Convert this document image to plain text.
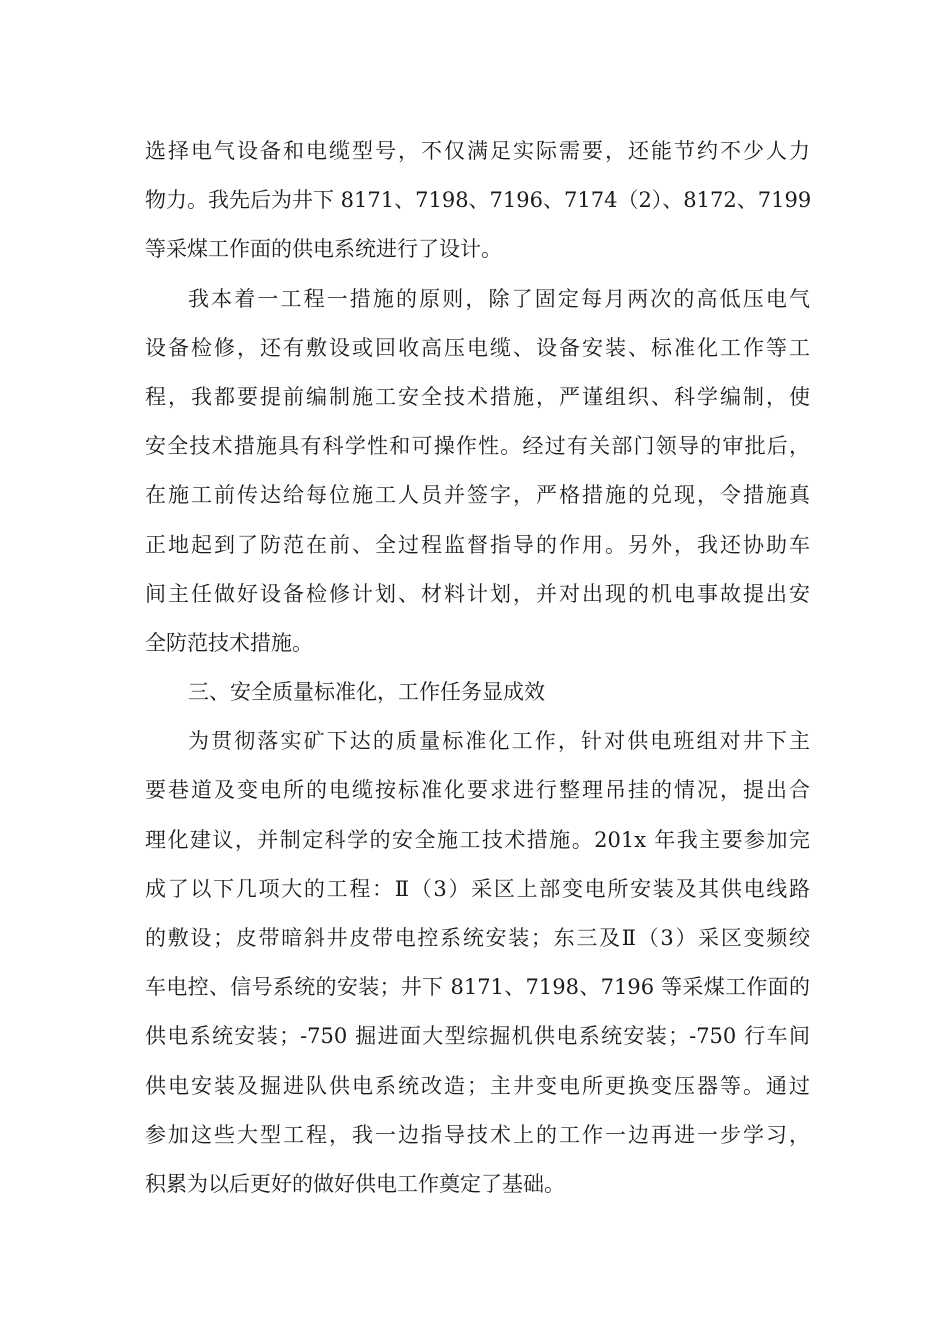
选择电气设备和电缆型号，不仅满足实际需要，还能节约不少人力
物力。我先后为井下 8171、7198、7196、7174（2）、8172、7199
等采煤工作面的供电系统进行了设计。
我本着一工程一措施的原则，除了固定每月两次的高低压电气
设备检修，还有敷设或回收高压电缆、设备安装、标准化工作等工
程，我都要提前编制施工安全技术措施，严谨组织、科学编制，使
安全技术措施具有科学性和可操作性。经过有关部门领导的审批后，
在施工前传达给每位施工人员并签字，严格措施的兑现，令措施真
正地起到了防范在前、全过程监督指导的作用。另外，我还协助车
间主任做好设备检修计划、材料计划，并对出现的机电事故提出安
全防范技术措施。
三、安全质量标准化，工作任务显成效
为贯彻落实矿下达的质量标准化工作，针对供电班组对井下主
要巷道及变电所的电缆按标准化要求进行整理吊挂的情况，提出合
理化建议，并制定科学的安全施工技术措施。201x 年我主要参加完
成了以下几项大的工程：Ⅱ（3）采区上部变电所安装及其供电线路
的敷设；皮带暗斜井皮带电控系统安装；东三及Ⅱ（3）采区变频绞
车电控、信号系统的安装；井下 8171、7198、7196 等采煤工作面的
供电系统安装；-750 掘进面大型综掘机供电系统安装；-750 行车间
供电安装及掘进队供电系统改造；主井变电所更换变压器等。通过
参加这些大型工程，我一边指导技术上的工作一边再进一步学习，
积累为以后更好的做好供电工作奠定了基础。
